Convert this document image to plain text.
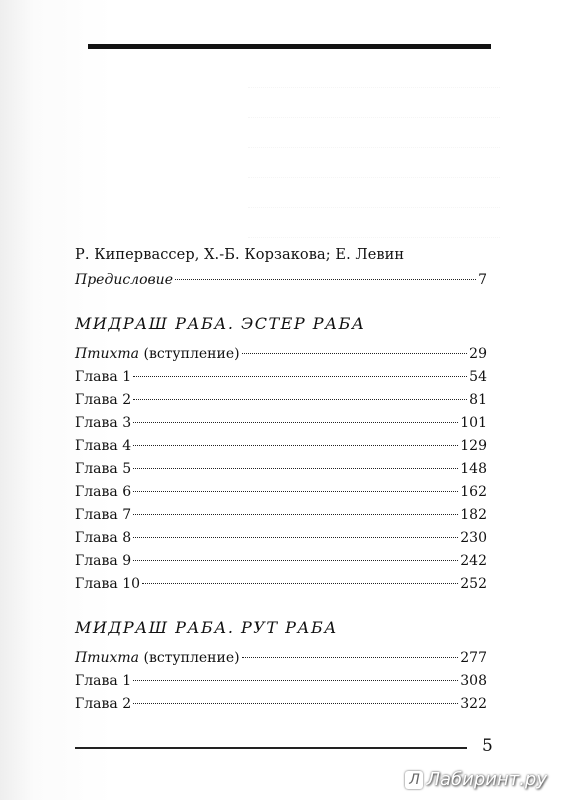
Р. Кипервассер, Х.-Б. Корзакова; Е. Левин
Предисловие	7
МИДРАШ РАБА. ЭСТЕР РАБА
Птихта (вступление)	29
Глава 1	54
Глава 2	81
Глава 3	101
Глава 4	129
Глава 5	148
Глава 6	162
Глава 7	182
Глава 8	230
Глава 9	242
Глава 10	252
МИДРАШ РАБА. РУТ РАБА
Птихта (вступление)	277
Глава 1	308
Глава 2	322
5
Л Лабиринт.ру
